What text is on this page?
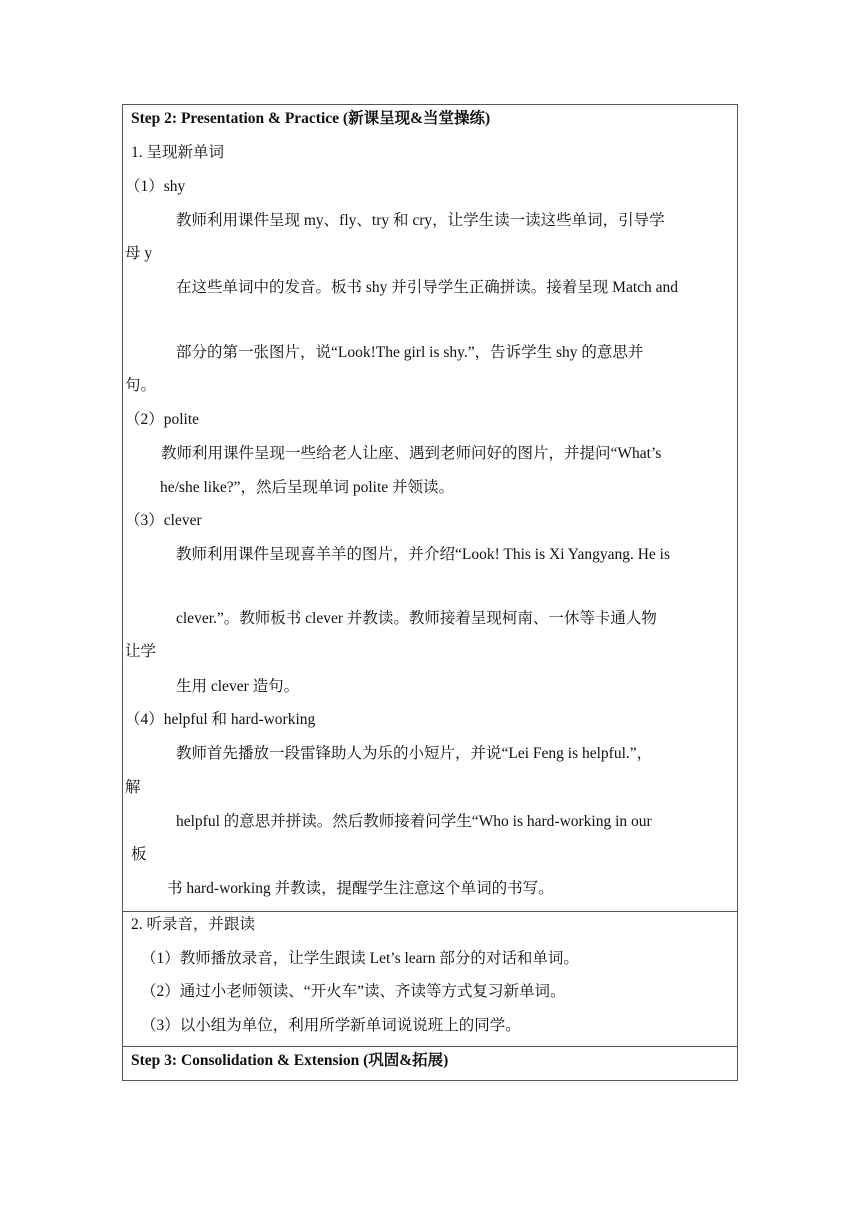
Step 2: Presentation & Practice (新课呈现&当堂操练)
1. 呈现新单词
（1）shy
教师利用课件呈现 my、fly、try 和 cry，让学生读一读这些单词，引导学
母 y
在这些单词中的发音。板书 shy 并引导学生正确拼读。接着呈现 Match and
部分的第一张图片，说“Look!The girl is shy.”，告诉学生 shy 的意思并
句。
（2）polite
教师利用课件呈现一些给老人让座、遇到老师问好的图片，并提问“What’s
he/she like?”，然后呈现单词 polite 并领读。
（3）clever
教师利用课件呈现喜羊羊的图片，并介绍“Look! This is Xi Yangyang. He is
clever.”。教师板书 clever 并教读。教师接着呈现柯南、一休等卡通人物
让学
生用 clever 造句。
（4）helpful 和 hard-working
教师首先播放一段雷锋助人为乐的小短片，并说“Lei Feng is helpful.”，
解
helpful 的意思并拼读。然后教师接着问学生“Who is hard-working in our
板
书 hard-working 并教读，提醒学生注意这个单词的书写。
2. 听录音，并跟读
（1）教师播放录音，让学生跟读 Let’s learn 部分的对话和单词。
（2）通过小老师领读、“开火车”读、齐读等方式复习新单词。
（3）以小组为单位，利用所学新单词说说班上的同学。
Step 3: Consolidation & Extension (巩固&拓展)
